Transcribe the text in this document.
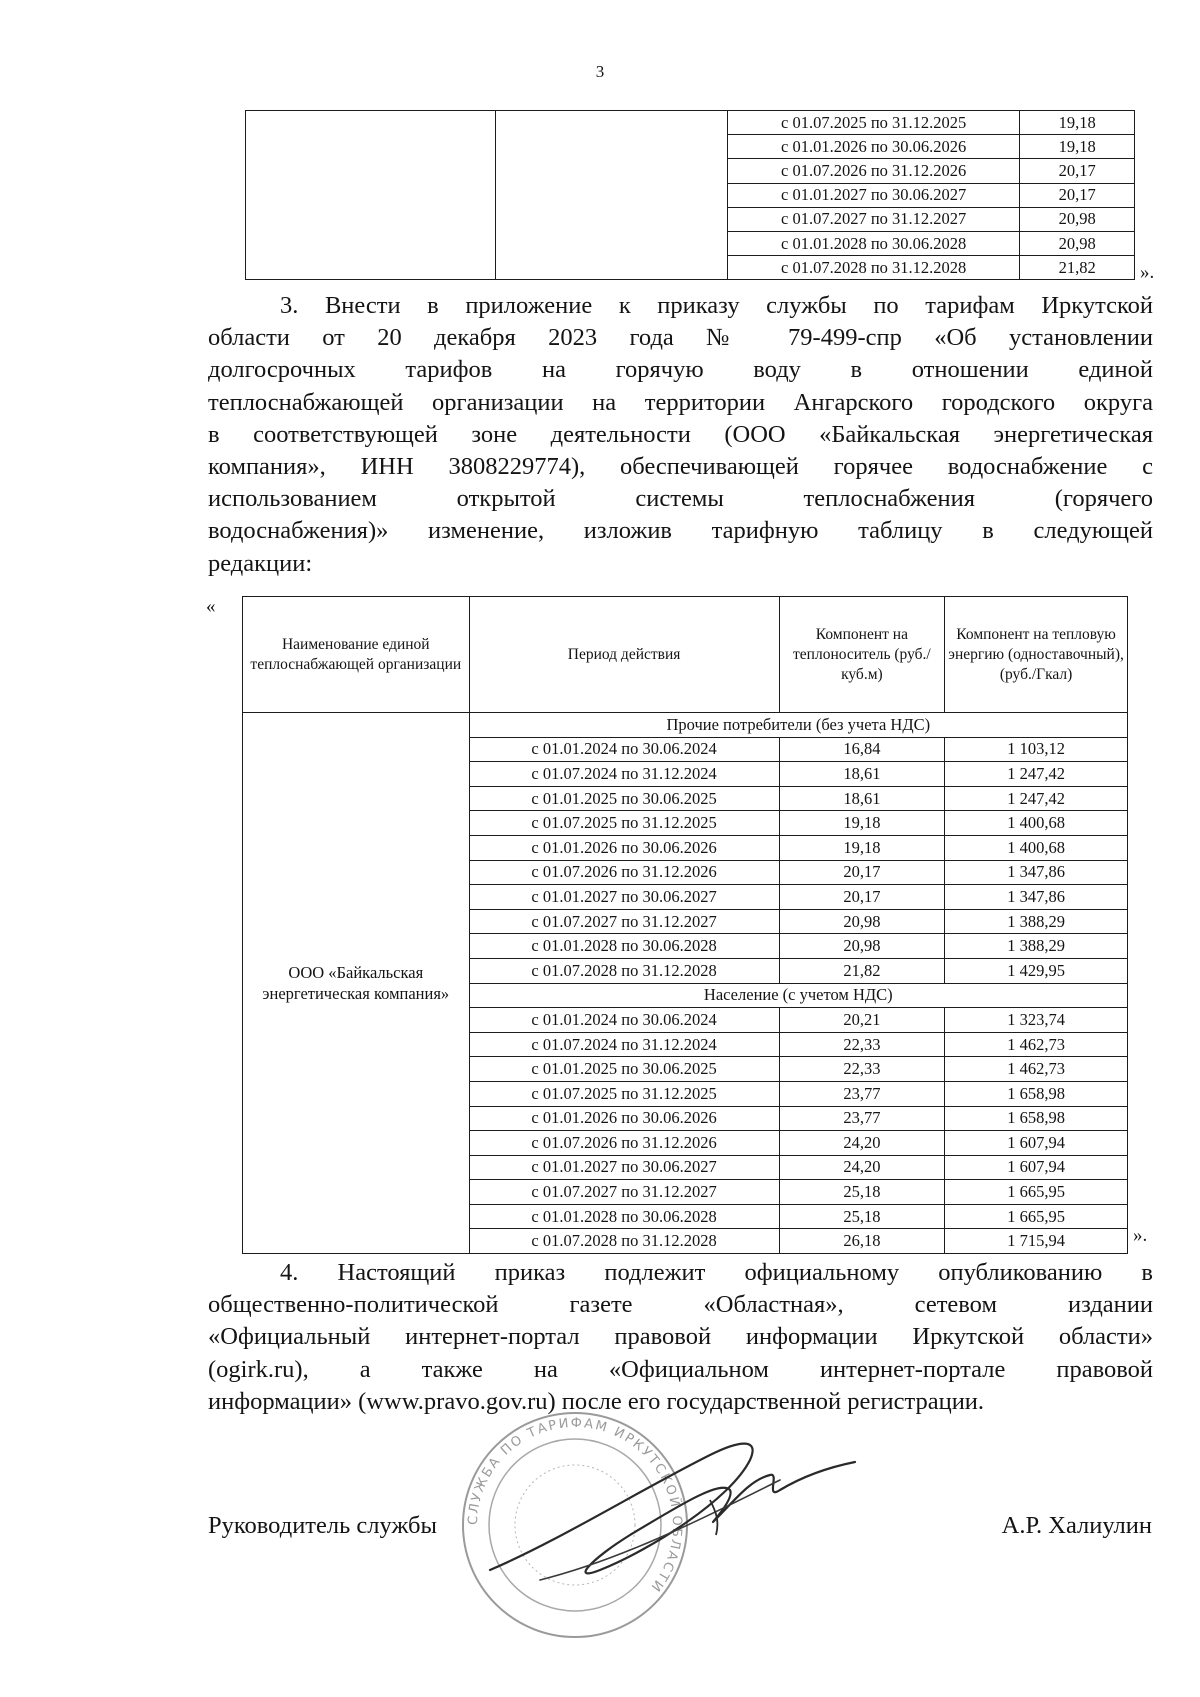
3
		с 01.07.2025 по 31.12.2025	19,18
		с 01.01.2026 по 30.06.2026	19,18
		с 01.07.2026 по 31.12.2026	20,17
		с 01.01.2027 по 30.06.2027	20,17
		с 01.07.2027 по 31.12.2027	20,98
		с 01.01.2028 по 30.06.2028	20,98
		с 01.07.2028 по 31.12.2028	21,82 ».
3. Внести в приложение к приказу службы по тарифам Иркутской
области от 20 декабря 2023 года № 79-499-спр «Об установлении
долгосрочных тарифов на горячую воду в отношении единой
теплоснабжающей организации на территории Ангарского городского округа
в соответствующей зоне деятельности (ООО «Байкальская энергетическая
компания», ИНН 3808229774), обеспечивающей горячее водоснабжение с
использованием открытой системы теплоснабжения (горячего
водоснабжения)» изменение, изложив тарифную таблицу в следующей
редакции:
«
Наименование единой теплоснабжающей организации	Период действия	Компонент на теплоноситель (руб./куб.м)	Компонент на тепловую энергию (одноставочный), (руб./Гкал)
ООО «Байкальская энергетическая компания»	Прочие потребители (без учета НДС)		
	с 01.01.2024 по 30.06.2024	16,84	1 103,12
	с 01.07.2024 по 31.12.2024	18,61	1 247,42
	с 01.01.2025 по 30.06.2025	18,61	1 247,42
	с 01.07.2025 по 31.12.2025	19,18	1 400,68
	с 01.01.2026 по 30.06.2026	19,18	1 400,68
	с 01.07.2026 по 31.12.2026	20,17	1 347,86
	с 01.01.2027 по 30.06.2027	20,17	1 347,86
	с 01.07.2027 по 31.12.2027	20,98	1 388,29
	с 01.01.2028 по 30.06.2028	20,98	1 388,29
	с 01.07.2028 по 31.12.2028	21,82	1 429,95
	Население (с учетом НДС)		
	с 01.01.2024 по 30.06.2024	20,21	1 323,74
	с 01.07.2024 по 31.12.2024	22,33	1 462,73
	с 01.01.2025 по 30.06.2025	22,33	1 462,73
	с 01.07.2025 по 31.12.2025	23,77	1 658,98
	с 01.01.2026 по 30.06.2026	23,77	1 658,98
	с 01.07.2026 по 31.12.2026	24,20	1 607,94
	с 01.01.2027 по 30.06.2027	24,20	1 607,94
	с 01.07.2027 по 31.12.2027	25,18	1 665,95
	с 01.01.2028 по 30.06.2028	25,18	1 665,95
	с 01.07.2028 по 31.12.2028	26,18	1 715,94	».
4. Настоящий приказ подлежит официальному опубликованию в
общественно-политической газете «Областная», сетевом издании
«Официальный интернет-портал правовой информации Иркутской области»
(ogirk.ru), а также на «Официальном интернет-портале правовой
информации» (www.pravo.gov.ru) после его государственной регистрации.
СЛУЖБА ПО ТАРИФАМ ИРКУТСКОЙ ОБЛАСТИ
Руководитель службы	А.Р. Халиулин
